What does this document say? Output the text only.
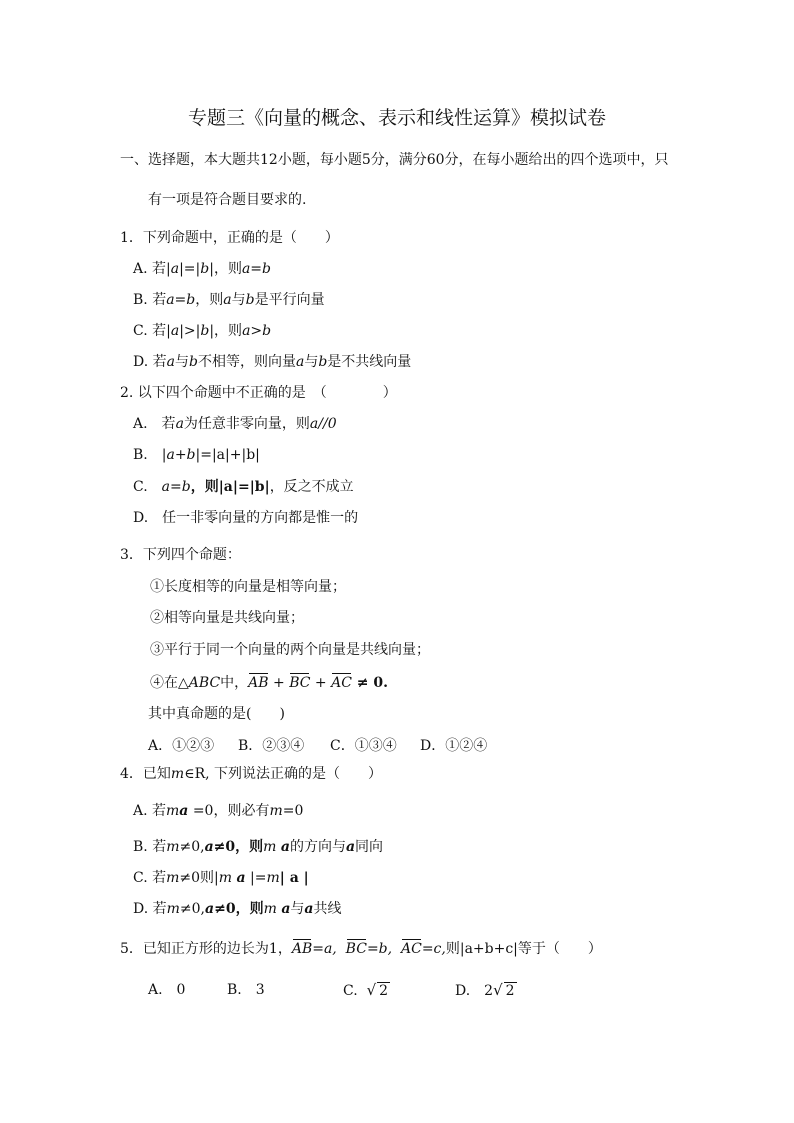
专题三《向量的概念、表示和线性运算》模拟试卷
一、选择题，本大题共12小题，每小题5分，满分60分，在每小题给出的四个选项中，只
有一项是符合题目要求的.
1．下列命题中，正确的是（　　）
A. 若|a|=|b|，则a=b
B. 若a=b，则a与b是平行向量
C. 若|a|>|b|，则a>b
D. 若a与b不相等，则向量a与b是不共线向量
2. 以下四个命题中不正确的是　（　　　　）
A.　若a为任意非零向量，则a//0
B.　|a+b|=|a|+|b|
C.　a=b，则|a|=|b|，反之不成立
D.　任一非零向量的方向都是惟一的
3．下列四个命题：
①长度相等的向量是相等向量；
②相等向量是共线向量；
③平行于同一个向量的两个向量是共线向量；
④在△ABC中，AB + BC + AC ≠ 0.
其中真命题的是(　　)
A．①②③ B．②③④ C．①③④ D．①②④
4．已知m∈R, 下列说法正确的是（　　）
A. 若ma =0，则必有m=0
B. 若m≠0,a≠0，则m a的方向与a同向
C. 若m≠0则|m a |=m| a |
D. 若m≠0,a≠0，则m a与a共线
5．已知正方形的边长为1，AB=a, BC=b, AC=c,则|a+b+c|等于（　　）
A.　0	B.　3	C. √ 2	D.　2√ 2
